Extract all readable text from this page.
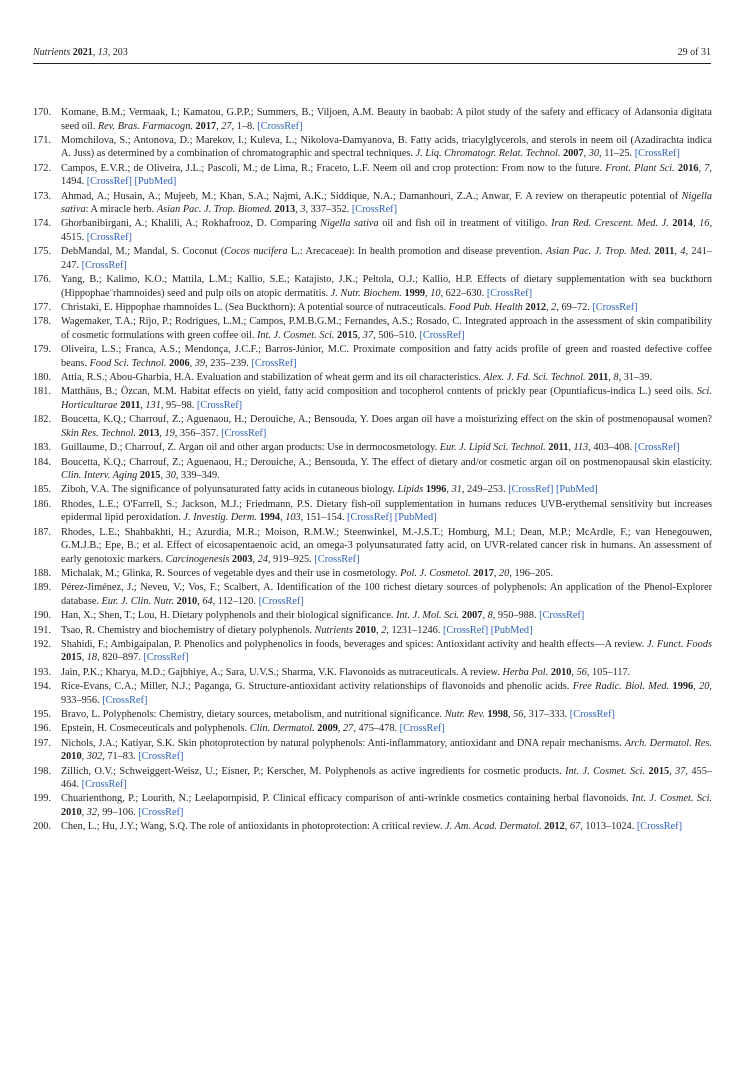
Nutrients 2021, 13, 203	29 of 31
170. Komane, B.M.; Vermaak, I.; Kamatou, G.P.P.; Summers, B.; Viljoen, A.M. Beauty in baobab: A pilot study of the safety and efficacy of Adansonia digitata seed oil. Rev. Bras. Farmacogn. 2017, 27, 1–8. [CrossRef]
171. Momchilova, S.; Antonova, D.; Marekov, I.; Kuleva, L.; Nikolova-Damyanova, B. Fatty acids, triacylglycerols, and sterols in neem oil (Azadirachta indica A. Juss) as determined by a combination of chromatographic and spectral techniques. J. Liq. Chromatogr. Relat. Technol. 2007, 30, 11–25. [CrossRef]
172. Campos, E.V.R.; de Oliveira, J.L.; Pascoli, M.; de Lima, R.; Fraceto, L.F. Neem oil and crop protection: From now to the future. Front. Plant Sci. 2016, 7, 1494. [CrossRef] [PubMed]
173. Ahmad, A.; Husain, A.; Mujeeb, M.; Khan, S.A.; Najmi, A.K.; Siddique, N.A.; Damanhouri, Z.A.; Anwar, F. A review on therapeutic potential of Nigella sativa: A miracle herb. Asian Pac. J. Trop. Biomed. 2013, 3, 337–352. [CrossRef]
174. Ghorbanibirgani, A.; Khalili, A.; Rokhafrooz, D. Comparing Nigella sativa oil and fish oil in treatment of vitiligo. Iran Red. Crescent. Med. J. 2014, 16, 4515. [CrossRef]
175. DebMandal, M.; Mandal, S. Coconut (Cocos nucifera L.: Arecaceae): In health promotion and disease prevention. Asian Pac. J. Trop. Med. 2011, 4, 241–247. [CrossRef]
176. Yang, B.; Kalimo, K.O.; Mattila, L.M.; Kallio, S.E.; Katajisto, J.K.; Peltola, O.J.; Kallio, H.P. Effects of dietary supplementation with sea buckthorn (Hippophae¨rhamnoides) seed and pulp oils on atopic dermatitis. J. Nutr. Biochem. 1999, 10, 622–630. [CrossRef]
177. Christaki, E. Hippophae rhamnoides L. (Sea Buckthorn): A potential source of nutraceuticals. Food Pub. Health 2012, 2, 69–72. [CrossRef]
178. Wagemaker, T.A.; Rijo, P.; Rodrigues, L.M.; Campos, P.M.B.G.M.; Fernandes, A.S.; Rosado, C. Integrated approach in the assessment of skin compatibility of cosmetic formulations with green coffee oil. Int. J. Cosmet. Sci. 2015, 37, 506–510. [CrossRef]
179. Oliveira, L.S.; Franca, A.S.; Mendonça, J.C.F.; Barros-Júnior, M.C. Proximate composition and fatty acids profile of green and roasted defective coffee beans. Food Sci. Technol. 2006, 39, 235–239. [CrossRef]
180. Attia, R.S.; Abou-Gharbia, H.A. Evaluation and stabilization of wheat germ and its oil characteristics. Alex. J. Fd. Sci. Technol. 2011, 8, 31–39.
181. Matthäus, B.; Özcan, M.M. Habitat effects on yield, fatty acid composition and tocopherol contents of prickly pear (Opuntiaficus-indica L.) seed oils. Sci. Horticulturae 2011, 131, 95–98. [CrossRef]
182. Boucetta, K.Q.; Charrouf, Z.; Aguenaou, H.; Derouiche, A.; Bensouda, Y. Does argan oil have a moisturizing effect on the skin of postmenopausal women? Skin Res. Technol. 2013, 19, 356–357. [CrossRef]
183. Guillaume, D.; Charrouf, Z. Argan oil and other argan products: Use in dermocosmetology. Eur. J. Lipid Sci. Technol. 2011, 113, 403–408. [CrossRef]
184. Boucetta, K.Q.; Charrouf, Z.; Aguenaou, H.; Derouiche, A.; Bensouda, Y. The effect of dietary and/or cosmetic argan oil on postmenopausal skin elasticity. Clin. Interv. Aging 2015, 30, 339–349.
185. Ziboh, V.A. The significance of polyunsaturated fatty acids in cutaneous biology. Lipids 1996, 31, 249–253. [CrossRef] [PubMed]
186. Rhodes, L.E.; O'Farrell, S.; Jackson, M.J.; Friedmann, P.S. Dietary fish-oil supplementation in humans reduces UVB-erythemal sensitivity but increases epidermal lipid peroxidation. J. Investig. Derm. 1994, 103, 151–154. [CrossRef] [PubMed]
187. Rhodes, L.E.; Shahbakhti, H.; Azurdia, M.R.; Moison, R.M.W.; Steenwinkel, M.-J.S.T.; Homburg, M.I.; Dean, M.P.; McArdle, F.; van Henegouwen, G.M.J.B.; Epe, B.; et al. Effect of eicosapentaenoic acid, an omega-3 polyunsaturated fatty acid, on UVR-related cancer risk in humans. An assessment of early genotoxic markers. Carcinogenesis 2003, 24, 919–925. [CrossRef]
188. Michalak, M.; Glinka, R. Sources of vegetable dyes and their use in cosmetology. Pol. J. Cosmetol. 2017, 20, 196–205.
189. Pérez-Jiménez, J.; Neveu, V.; Vos, F.; Scalbert, A. Identification of the 100 richest dietary sources of polyphenols: An application of the Phenol-Explorer database. Eur. J. Clin. Nutr. 2010, 64, 112–120. [CrossRef]
190. Han, X.; Shen, T.; Lou, H. Dietary polyphenols and their biological significance. Int. J. Mol. Sci. 2007, 8, 950–988. [CrossRef]
191. Tsao, R. Chemistry and biochemistry of dietary polyphenols. Nutrients 2010, 2, 1231–1246. [CrossRef] [PubMed]
192. Shahidi, F.; Ambigaipalan, P. Phenolics and polyphenolics in foods, beverages and spices: Antioxidant activity and health effects—A review. J. Funct. Foods 2015, 18, 820–897. [CrossRef]
193. Jain, P.K.; Kharya, M.D.; Gajbhiye, A.; Sara, U.V.S.; Sharma, V.K. Flavonoids as nutraceuticals. A review. Herba Pol. 2010, 56, 105–117.
194. Rice-Evans, C.A.; Miller, N.J.; Paganga, G. Structure-antioxidant activity relationships of flavonoids and phenolic acids. Free Radic. Biol. Med. 1996, 20, 933–956. [CrossRef]
195. Bravo, L. Polyphenols: Chemistry, dietary sources, metabolism, and nutritional significance. Nutr. Rev. 1998, 56, 317–333. [CrossRef]
196. Epstein, H. Cosmeceuticals and polyphenols. Clin. Dermatol. 2009, 27, 475–478. [CrossRef]
197. Nichols, J.A.; Katiyar, S.K. Skin photoprotection by natural polyphenols: Anti-inflammatory, antioxidant and DNA repair mechanisms. Arch. Dermatol. Res. 2010, 302, 71–83. [CrossRef]
198. Zillich, O.V.; Schweiggert-Weisz, U.; Eisner, P.; Kerscher, M. Polyphenols as active ingredients for cosmetic products. Int. J. Cosmet. Sci. 2015, 37, 455–464. [CrossRef]
199. Chuarienthong, P.; Lourith, N.; Leelapornpisid, P. Clinical efficacy comparison of anti-wrinkle cosmetics containing herbal flavonoids. Int. J. Cosmet. Sci. 2010, 32, 99–106. [CrossRef]
200. Chen, L.; Hu, J.Y.; Wang, S.Q. The role of antioxidants in photoprotection: A critical review. J. Am. Acad. Dermatol. 2012, 67, 1013–1024. [CrossRef]
